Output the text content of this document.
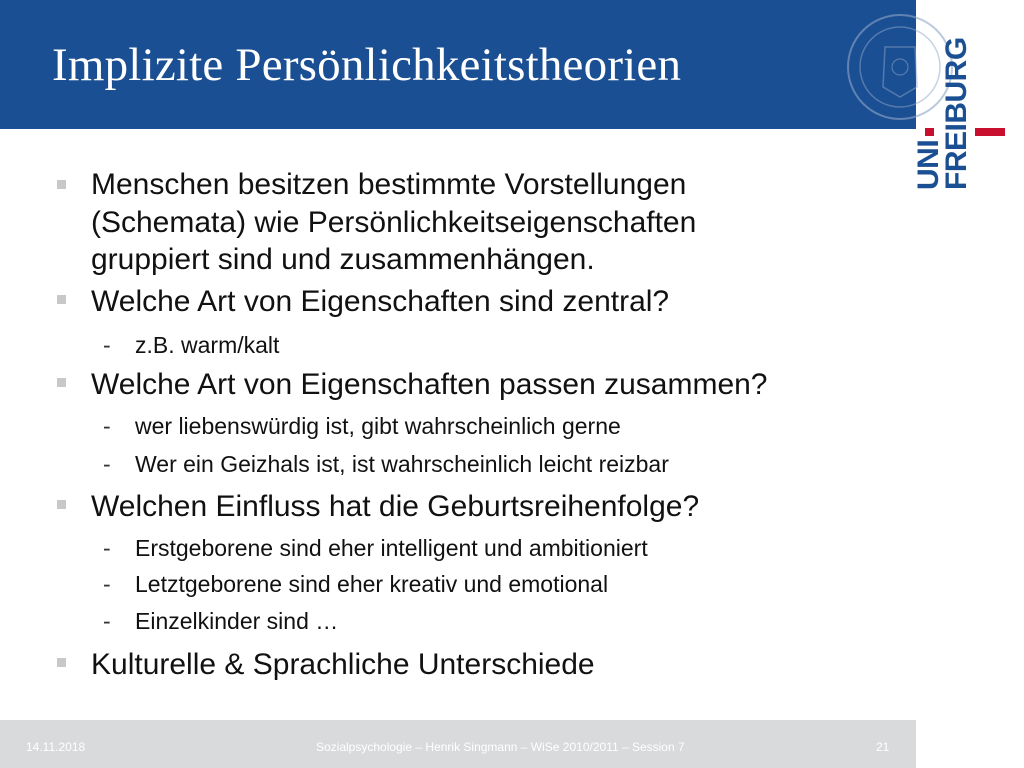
Implizite Persönlichkeitstheorien
UNI
FREIBURG
Menschen besitzen bestimmte Vorstellungen
(Schemata) wie Persönlichkeitseigenschaften
gruppiert sind und zusammenhängen.
Welche Art von Eigenschaften sind zentral?
- z.B. warm/kalt
Welche Art von Eigenschaften passen zusammen?
- wer liebenswürdig ist, gibt wahrscheinlich gerne
- Wer ein Geizhals ist, ist wahrscheinlich leicht reizbar
Welchen Einfluss hat die Geburtsreihenfolge?
- Erstgeborene sind eher intelligent und ambitioniert
- Letztgeborene sind eher kreativ und emotional
- Einzelkinder sind …
Kulturelle & Sprachliche Unterschiede
14.11.2018	Sozialpsychologie – Henrik Singmann – WiSe 2010/2011 – Session 7	21
